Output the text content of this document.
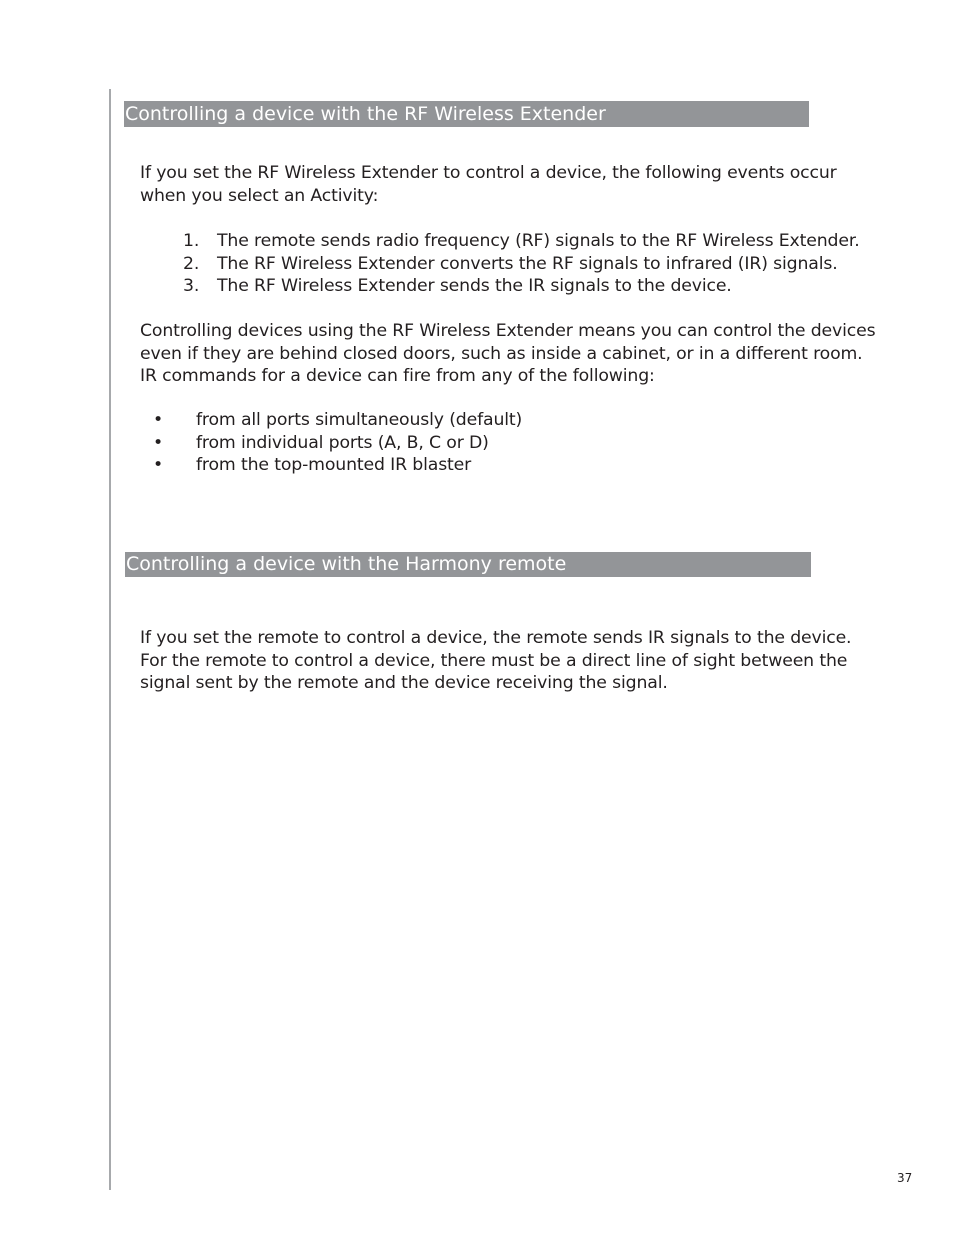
Controlling a device with the RF Wireless Extender

If you set the RF Wireless Extender to control a device, the following events occur when you select an Activity:

1. The remote sends radio frequency (RF) signals to the RF Wireless Extender.
2. The RF Wireless Extender converts the RF signals to infrared (IR) signals.
3. The RF Wireless Extender sends the IR signals to the device.

Controlling devices using the RF Wireless Extender means you can control the devices even if they are behind closed doors, such as inside a cabinet, or in a different room. IR commands for a device can fire from any of the following:

• from all ports simultaneously (default)
• from individual ports (A, B, C or D)
• from the top-mounted IR blaster
Controlling a device with the Harmony remote

If you set the remote to control a device, the remote sends IR signals to the device. For the remote to control a device, there must be a direct line of sight between the signal sent by the remote and the device receiving the signal.

37
